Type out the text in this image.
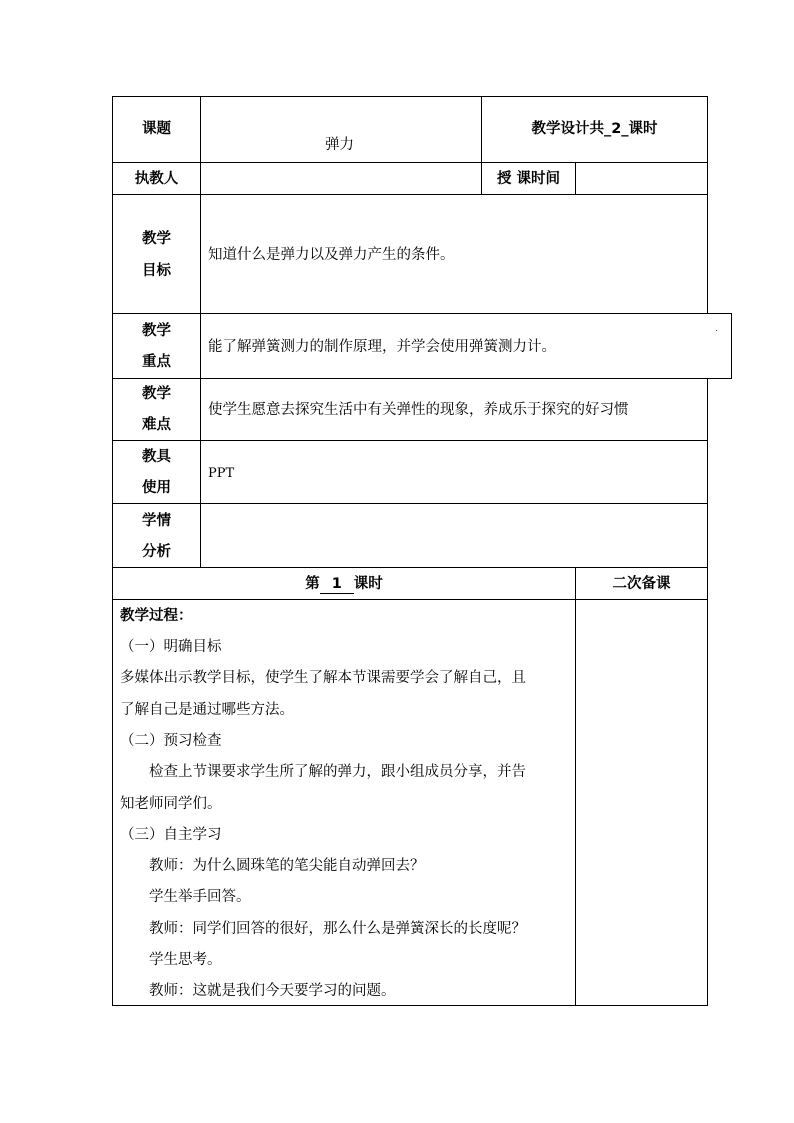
课题
弹力
教学设计共_2_课时
执教人	授 课时间
教学
目标
知道什么是弹力以及弹力产生的条件。
教学
重点
能了解弹簧测力的制作原理，并学会使用弹簧测力计。
教学
难点
使学生愿意去探究生活中有关弹性的现象，养成乐于探究的好习惯
教具
使用
PPT
学情
分析
第 1 课时	二次备课
教学过程：
（一）明确目标
多媒体出示教学目标，使学生了解本节课需要学会了解自己，且
了解自己是通过哪些方法。
（二）预习检查
检查上节课要求学生所了解的弹力，跟小组成员分享，并告
知老师同学们。
（三）自主学习
教师：为什么圆珠笔的笔尖能自动弹回去？
学生举手回答。
教师：同学们回答的很好，那么什么是弹簧深长的长度呢？
学生思考。
教师：这就是我们今天要学习的问题。
